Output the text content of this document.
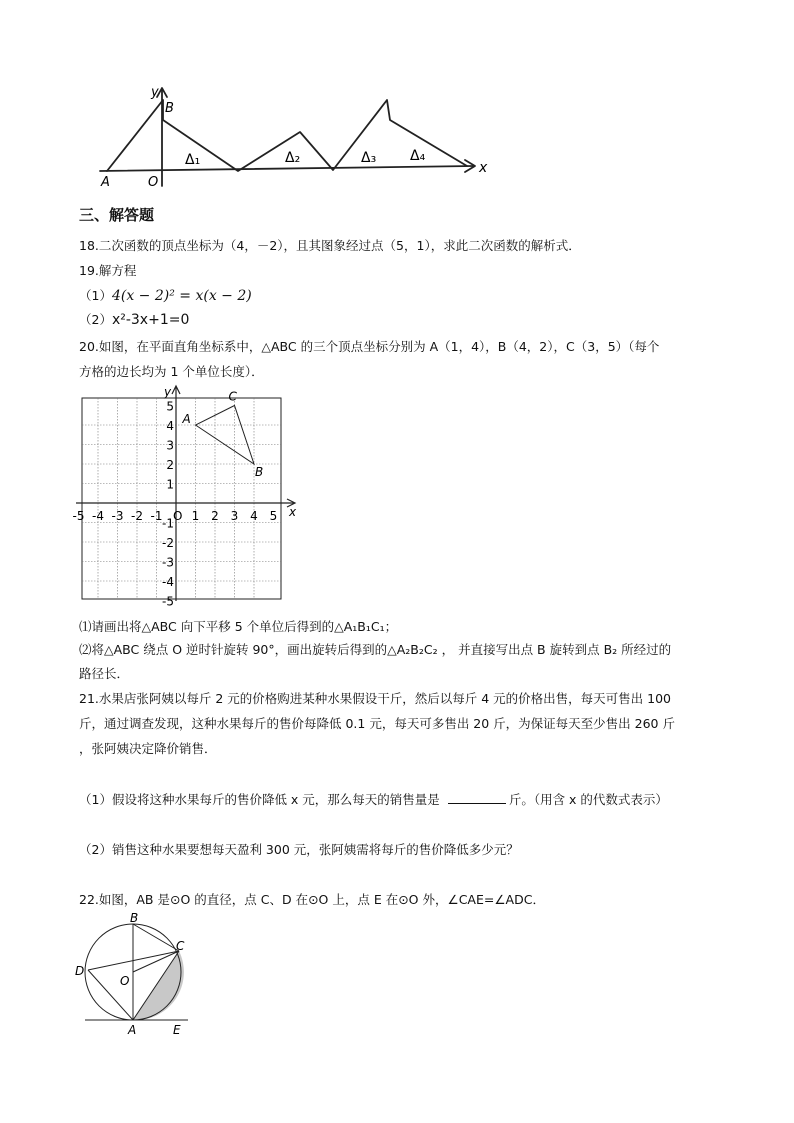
y
B
A	O
x
Δ₁	Δ₂	Δ₃ Δ₄
三、解答题
18.二次函数的顶点坐标为（4，－2），且其图象经过点（5，1），求此二次函数的解析式．
19.解方程
（1）4(x − 2)² = x(x − 2)
（2）x²-3x+1=0
20.如图，在平面直角坐标系中，△ABC 的三个顶点坐标分别为 A（1，4），B（4，2），C（3，5）（每个
方格的边长均为 1 个单位长度）．
x
y
O
-5 -4 -3 -2 -1 1 2 3 4 5
5
4
3
2
1
-1
-2
-3
-4
-5
A
B
C
⑴请画出将△ABC 向下平移 5 个单位后得到的△A₁B₁C₁；
⑵将△ABC 绕点 O 逆时针旋转 90°，画出旋转后得到的△A₂B₂C₂ ， 并直接写出点 B 旋转到点 B₂ 所经过的
路径长．
21.水果店张阿姨以每斤 2 元的价格购进某种水果假设干斤，然后以每斤 4 元的价格出售，每天可售出 100
斤，通过调查发现，这种水果每斤的售价每降低 0.1 元，每天可多售出 20 斤，为保证每天至少售出 260 斤
，张阿姨决定降价销售．
（1）假设将这种水果每斤的售价降低 x 元，那么每天的销售量是	斤。（用含 x 的代数式表示）
（2）销售这种水果要想每天盈利 300 元，张阿姨需将每斤的售价降低多少元？
22.如图，AB 是⊙O 的直径，点 C、D 在⊙O 上，点 E 在⊙O 外，∠CAE=∠ADC．
B
C
D
O
A	E
